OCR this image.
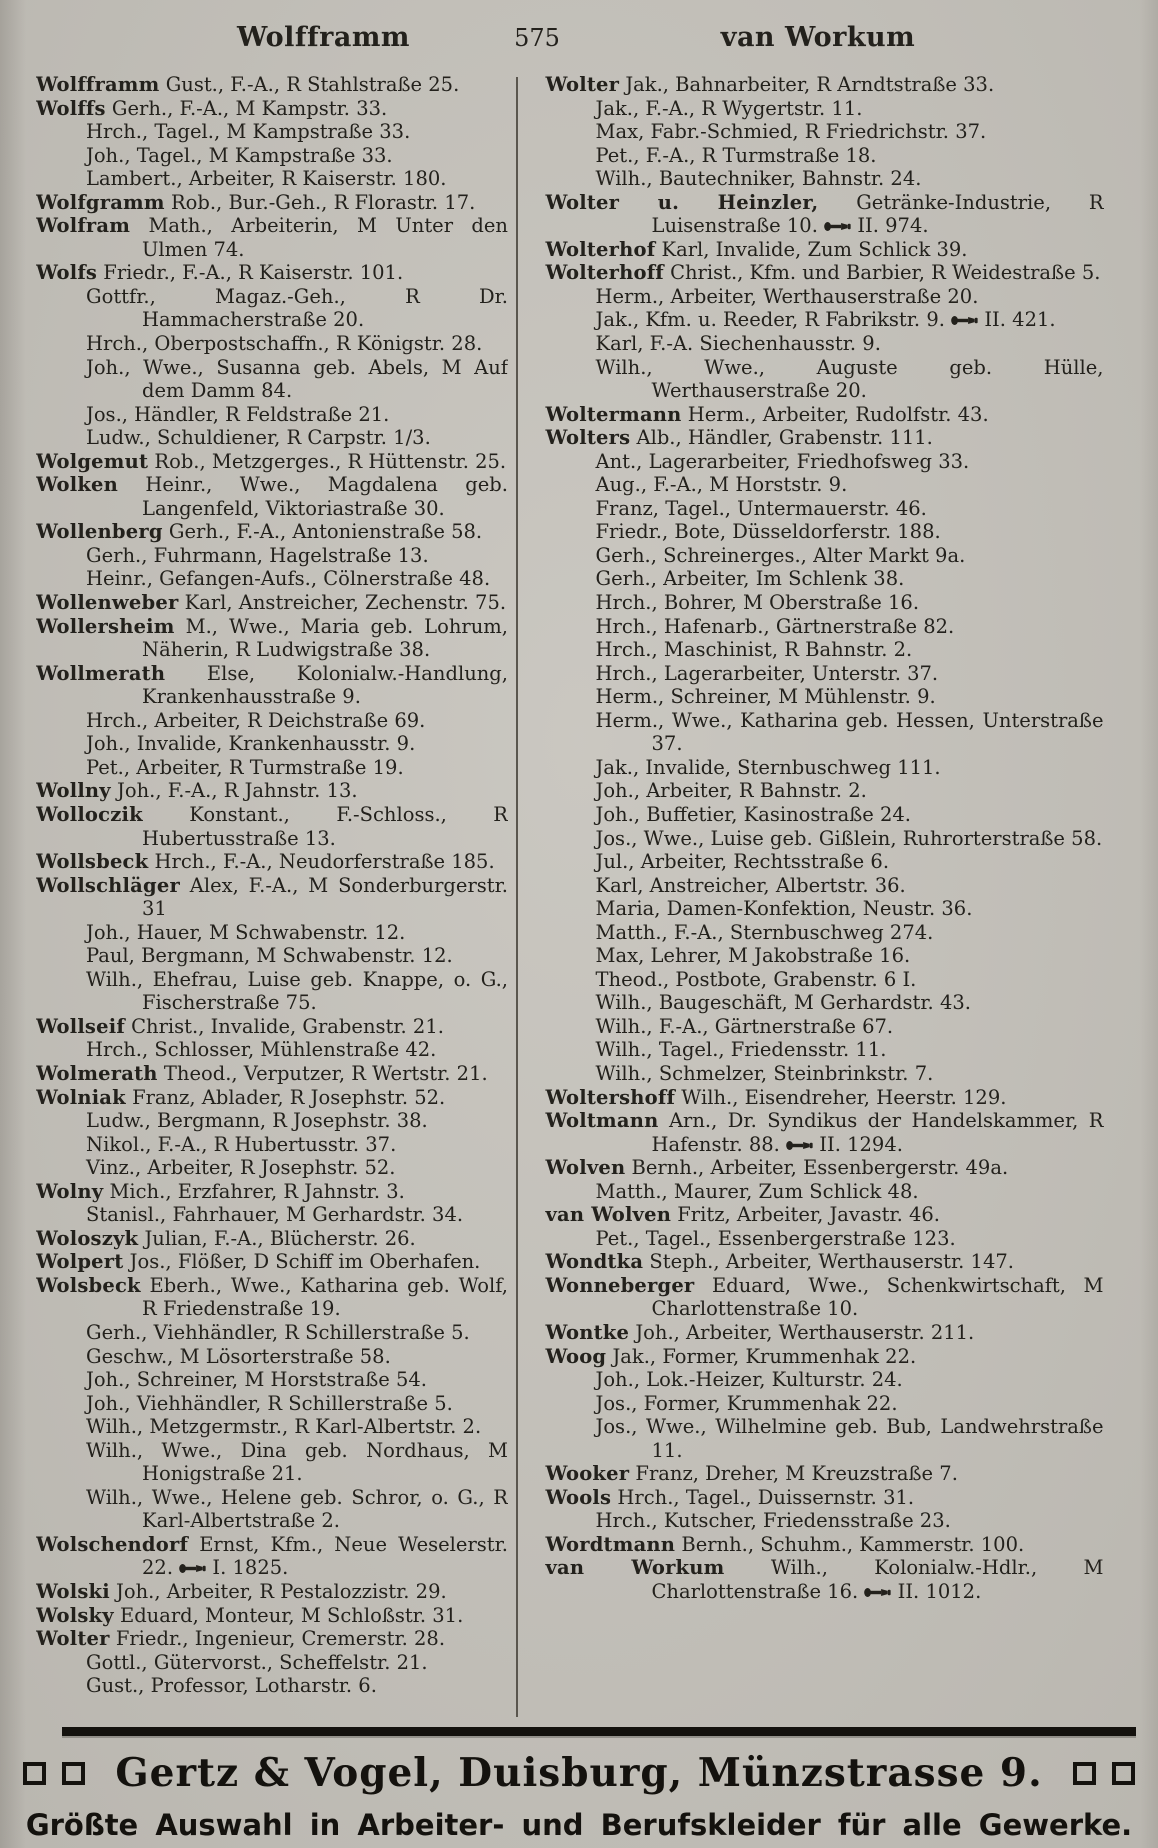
Wolfframm	575	van Workum

Wolfframm Gust., F.-A., R Stahlstraße 25.

Wolffs Gerh., F.-A., M Kampstr. 33.

Hrch., Tagel., M Kampstraße 33.

Joh., Tagel., M Kampstraße 33.

Lambert., Arbeiter, R Kaiserstr. 180.

Wolfgramm Rob., Bur.-Geh., R Florastr. 17.

Wolfram Math., Arbeiterin, M Unter den Ulmen 74.

Wolfs Friedr., F.-A., R Kaiserstr. 101.

Gottfr., Magaz.-Geh., R Dr. Hammacherstraße 20.

Hrch., Oberpostschaffn., R Königstr. 28.

Joh., Wwe., Susanna geb. Abels, M Auf dem Damm 84.

Jos., Händler, R Feldstraße 21.

Ludw., Schuldiener, R Carpstr. 1/3.

Wolgemut Rob., Metzgerges., R Hüttenstr. 25.

Wolken Heinr., Wwe., Magdalena geb. Langenfeld, Viktoriastraße 30.

Wollenberg Gerh., F.-A., Antonienstraße 58.

Gerh., Fuhrmann, Hagelstraße 13.

Heinr., Gefangen-Aufs., Cölnerstraße 48.

Wollenweber Karl, Anstreicher, Zechenstr. 75.

Wollersheim M., Wwe., Maria geb. Lohrum, Näherin, R Ludwigstraße 38.

Wollmerath Else, Kolonialw.-Handlung, Krankenhausstraße 9.

Hrch., Arbeiter, R Deichstraße 69.

Joh., Invalide, Krankenhausstr. 9.

Pet., Arbeiter, R Turmstraße 19.

Wollny Joh., F.-A., R Jahnstr. 13.

Wolloczik Konstant., F.-Schloss., R Hubertusstraße 13.

Wollsbeck Hrch., F.-A., Neudorferstraße 185.

Wollschläger Alex, F.-A., M Sonderburgerstr. 31

Joh., Hauer, M Schwabenstr. 12.

Paul, Bergmann, M Schwabenstr. 12.

Wilh., Ehefrau, Luise geb. Knappe, o. G., Fischerstraße 75.

Wollseif Christ., Invalide, Grabenstr. 21.

Hrch., Schlosser, Mühlenstraße 42.

Wolmerath Theod., Verputzer, R Wertstr. 21.

Wolniak Franz, Ablader, R Josephstr. 52.

Ludw., Bergmann, R Josephstr. 38.

Nikol., F.-A., R Hubertusstr. 37.

Vinz., Arbeiter, R Josephstr. 52.

Wolny Mich., Erzfahrer, R Jahnstr. 3.

Stanisl., Fahrhauer, M Gerhardstr. 34.

Woloszyk Julian, F.-A., Blücherstr. 26.

Wolpert Jos., Flößer, D Schiff im Oberhafen.

Wolsbeck Eberh., Wwe., Katharina geb. Wolf, R Friedenstraße 19.

Gerh., Viehhändler, R Schillerstraße 5.

Geschw., M Lösorterstraße 58.

Joh., Schreiner, M Horststraße 54.

Joh., Viehhändler, R Schillerstraße 5.

Wilh., Metzgermstr., R Karl-Albertstr. 2.

Wilh., Wwe., Dina geb. Nordhaus, M Honigstraße 21.

Wilh., Wwe., Helene geb. Schror, o. G., R Karl-Albertstraße 2.

Wolschendorf Ernst, Kfm., Neue Weselerstr. 22.  I. 1825.

Wolski Joh., Arbeiter, R Pestalozzistr. 29.

Wolsky Eduard, Monteur, M Schloßstr. 31.

Wolter Friedr., Ingenieur, Cremerstr. 28.

Gottl., Gütervorst., Scheffelstr. 21.

Gust., Professor, Lotharstr. 6.

Wolter Jak., Bahnarbeiter, R Arndtstraße 33.

Jak., F.-A., R Wygertstr. 11.

Max, Fabr.-Schmied, R Friedrichstr. 37.

Pet., F.-A., R Turmstraße 18.

Wilh., Bautechniker, Bahnstr. 24.

Wolter u. Heinzler, Getränke-Industrie, R Luisenstraße 10.  II. 974.

Wolterhof Karl, Invalide, Zum Schlick 39.

Wolterhoff Christ., Kfm. und Barbier, R Weidestraße 5.

Herm., Arbeiter, Werthauserstraße 20.

Jak., Kfm. u. Reeder, R Fabrikstr. 9.  II. 421.

Karl, F.-A. Siechenhausstr. 9.

Wilh., Wwe., Auguste geb. Hülle, Werthauserstraße 20.

Woltermann Herm., Arbeiter, Rudolfstr. 43.

Wolters Alb., Händler, Grabenstr. 111.

Ant., Lagerarbeiter, Friedhofsweg 33.

Aug., F.-A., M Horststr. 9.

Franz, Tagel., Untermauerstr. 46.

Friedr., Bote, Düsseldorferstr. 188.

Gerh., Schreinerges., Alter Markt 9a.

Gerh., Arbeiter, Im Schlenk 38.

Hrch., Bohrer, M Oberstraße 16.

Hrch., Hafenarb., Gärtnerstraße 82.

Hrch., Maschinist, R Bahnstr. 2.

Hrch., Lagerarbeiter, Unterstr. 37.

Herm., Schreiner, M Mühlenstr. 9.

Herm., Wwe., Katharina geb. Hessen, Unterstraße 37.

Jak., Invalide, Sternbuschweg 111.

Joh., Arbeiter, R Bahnstr. 2.

Joh., Buffetier, Kasinostraße 24.

Jos., Wwe., Luise geb. Gißlein, Ruhrorterstraße 58.

Jul., Arbeiter, Rechtsstraße 6.

Karl, Anstreicher, Albertstr. 36.

Maria, Damen-Konfektion, Neustr. 36.

Matth., F.-A., Sternbuschweg 274.

Max, Lehrer, M Jakobstraße 16.

Theod., Postbote, Grabenstr. 6 I.

Wilh., Baugeschäft, M Gerhardstr. 43.

Wilh., F.-A., Gärtnerstraße 67.

Wilh., Tagel., Friedensstr. 11.

Wilh., Schmelzer, Steinbrinkstr. 7.

Woltershoff Wilh., Eisendreher, Heerstr. 129.

Woltmann Arn., Dr. Syndikus der Handelskammer, R Hafenstr. 88.  II. 1294.

Wolven Bernh., Arbeiter, Essenbergerstr. 49a.

Matth., Maurer, Zum Schlick 48.

van Wolven Fritz, Arbeiter, Javastr. 46.

Pet., Tagel., Essenbergerstraße 123.

Wondtka Steph., Arbeiter, Werthauserstr. 147.

Wonneberger Eduard, Wwe., Schenkwirtschaft, M Charlottenstraße 10.

Wontke Joh., Arbeiter, Werthauserstr. 211.

Woog Jak., Former, Krummenhak 22.

Joh., Lok.-Heizer, Kulturstr. 24.

Jos., Former, Krummenhak 22.

Jos., Wwe., Wilhelmine geb. Bub, Landwehrstraße 11.

Wooker Franz, Dreher, M Kreuzstraße 7.

Wools Hrch., Tagel., Duissernstr. 31.

Hrch., Kutscher, Friedensstraße 23.

Wordtmann Bernh., Schuhm., Kammerstr. 100.

van Workum Wilh., Kolonialw.-Hdlr., M Charlottenstraße 16.  II. 1012.

Gertz & Vogel, Duisburg, Münzstrasse 9.
Größte Auswahl in Arbeiter- und Berufskleider für alle Gewerke.
